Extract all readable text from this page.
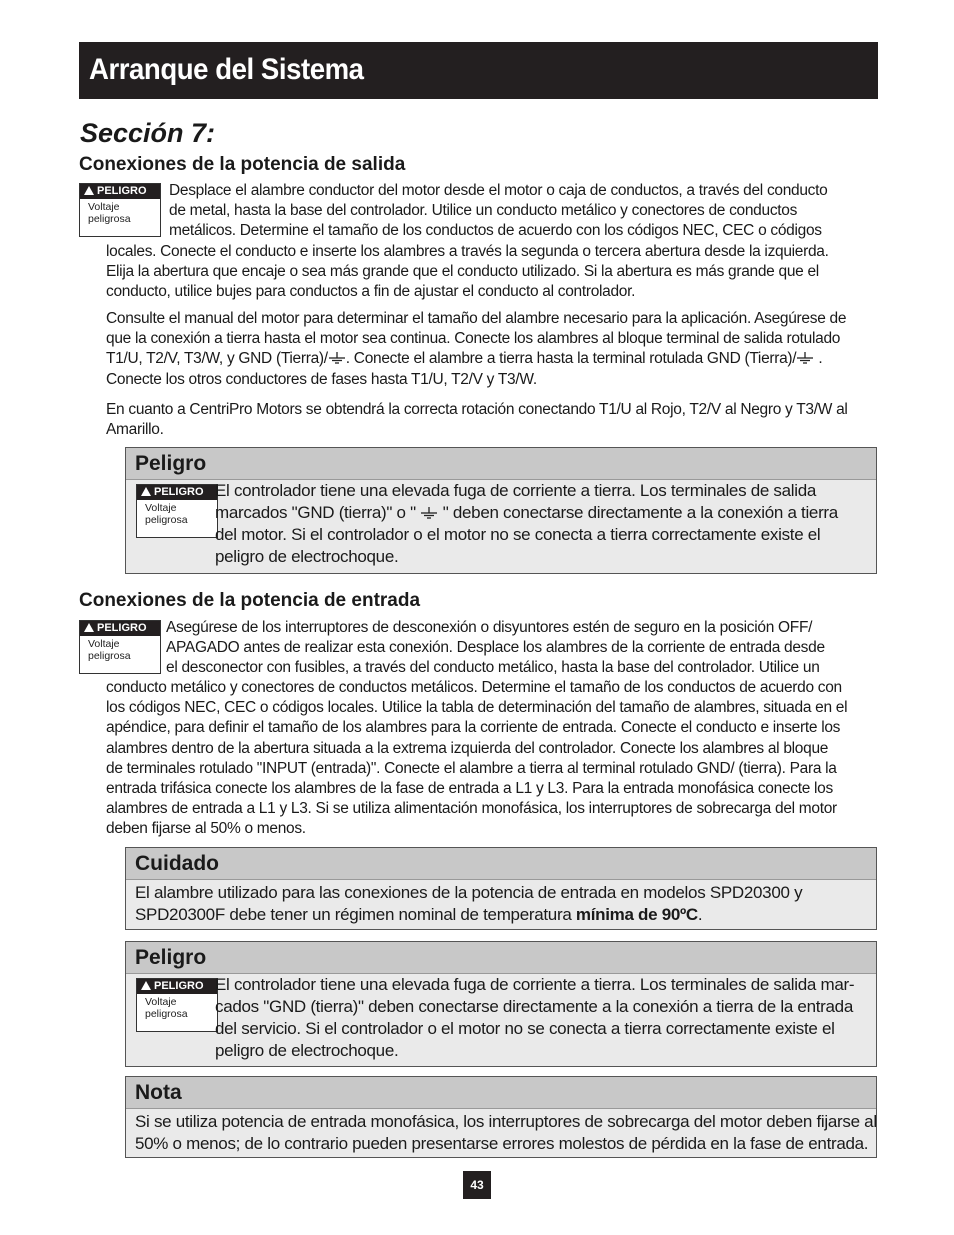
Arranque del Sistema
Sección 7:
Conexiones de la potencia de salida
PELIGRO
Voltaje
peligrosa
Desplace el alambre conductor del motor desde el motor o caja de conductos, a través del conducto
de metal, hasta la base del controlador. Utilice un conducto metálico y conectores de conductos
metálicos. Determine el tamaño de los conductos de acuerdo con los códigos NEC, CEC o códigos
locales. Conecte el conducto e inserte los alambres a través la segunda o tercera abertura desde la izquierda.
Elija la abertura que encaje o sea más grande que el conducto utilizado. Si la abertura es más grande que el
conducto, utilice bujes para conductos a fin de ajustar el conducto al controlador.
Consulte el manual del motor para determinar el tamaño del alambre necesario para la aplicación. Asegúrese de
que la conexión a tierra hasta el motor sea continua. Conecte los alambres al bloque terminal de salida rotulado
T1/U, T2/V, T3/W, y GND (Tierra)/ . Conecte el alambre a tierra hasta la terminal rotulada GND (Tierra)/ .
Conecte los otros conductores de fases hasta T1/U, T2/V y T3/W.
En cuanto a CentriPro Motors se obtendrá la correcta rotación conectando T1/U al Rojo, T2/V al Negro y T3/W al
Amarillo.
Peligro
PELIGRO
Voltaje
peligrosa
El controlador tiene una elevada fuga de corriente a tierra. Los terminales de salida
marcados "GND (tierra)" o " " deben conectarse directamente a la conexión a tierra
del motor. Si el controlador o el motor no se conecta a tierra correctamente existe el
peligro de electrochoque.
Conexiones de la potencia de entrada
PELIGRO
Voltaje
peligrosa
Asegúrese de los interruptores de desconexión o disyuntores estén de seguro en la posición OFF/
APAGADO antes de realizar esta conexión. Desplace los alambres de la corriente de entrada desde
el desconector con fusibles, a través del conducto metálico, hasta la base del controlador. Utilice un
conducto metálico y conectores de conductos metálicos. Determine el tamaño de los conductos de acuerdo con
los códigos NEC, CEC o códigos locales. Utilice la tabla de determinación del tamaño de alambres, situada en el
apéndice, para definir el tamaño de los alambres para la corriente de entrada. Conecte el conducto e inserte los
alambres dentro de la abertura situada a la extrema izquierda del controlador. Conecte los alambres al bloque
de terminales rotulado "INPUT (entrada)". Conecte el alambre a tierra al terminal rotulado GND/ (tierra). Para la
entrada trifásica conecte los alambres de la fase de entrada a L1 y L3. Para la entrada monofásica conecte los
alambres de entrada a L1 y L3. Si se utiliza alimentación monofásica, los interruptores de sobrecarga del motor
deben fijarse al 50% o menos.
Cuidado
El alambre utilizado para las conexiones de la potencia de entrada en modelos SPD20300 y
SPD20300F debe tener un régimen nominal de temperatura mínima de 90ºC.
Peligro
PELIGRO
Voltaje
peligrosa
El controlador tiene una elevada fuga de corriente a tierra. Los terminales de salida mar-
cados "GND (tierra)" deben conectarse directamente a la conexión a tierra de la entrada
del servicio. Si el controlador o el motor no se conecta a tierra correctamente existe el
peligro de electrochoque.
Nota
Si se utiliza potencia de entrada monofásica, los interruptores de sobrecarga del motor deben fijarse al
50% o menos; de lo contrario pueden presentarse errores molestos de pérdida en la fase de entrada.
43
